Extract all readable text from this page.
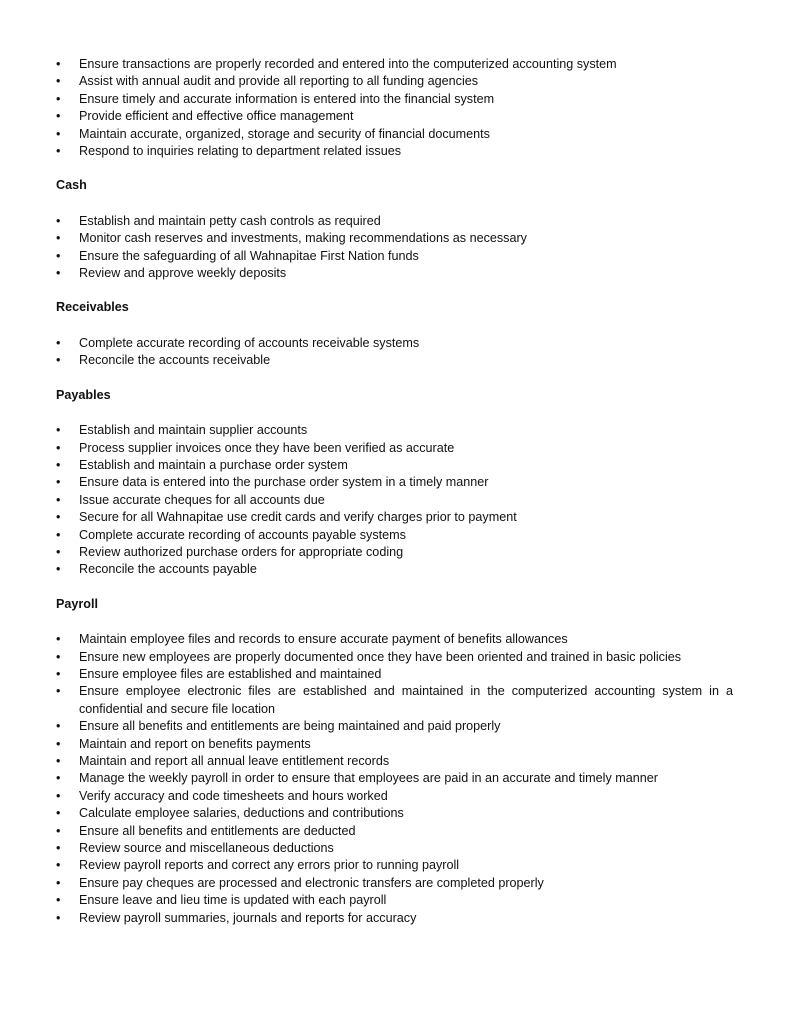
•	Ensure transactions are properly recorded and entered into the computerized accounting system
•	Assist with annual audit and provide all reporting to all funding agencies
•	Ensure timely and accurate information is entered into the financial system
•	Provide efficient and effective office management
•	Maintain accurate, organized, storage and security of financial documents
•	Respond to inquiries relating to department related issues
Cash
•	Establish and maintain petty cash controls as required
•	Monitor cash reserves and investments, making recommendations as necessary
•	Ensure the safeguarding of all Wahnapitae First Nation funds
•	Review and approve weekly deposits
Receivables
•	Complete accurate recording of accounts receivable systems
•	Reconcile the accounts receivable
Payables
•	Establish and maintain supplier accounts
•	Process supplier invoices once they have been verified as accurate
•	Establish and maintain a purchase order system
•	Ensure data is entered into the purchase order system in a timely manner
•	Issue accurate cheques for all accounts due
•	Secure for all Wahnapitae use credit cards and verify charges prior to payment
•	Complete accurate recording of accounts payable systems
•	Review authorized purchase orders for appropriate coding
•	Reconcile the accounts payable
Payroll
•	Maintain employee files and records to ensure accurate payment of benefits allowances
•	Ensure new employees are properly documented once they have been oriented and trained in basic policies
•	Ensure employee files are established and maintained
•	Ensure employee electronic files are established and maintained in the computerized accounting system in a confidential and secure file location
•	Ensure all benefits and entitlements are being maintained and paid properly
•	Maintain and report on benefits payments
•	Maintain and report all annual leave entitlement records
•	Manage the weekly payroll in order to ensure that employees are paid in an accurate and timely manner
•	Verify accuracy and code timesheets and hours worked
•	Calculate employee salaries, deductions and contributions
•	Ensure all benefits and entitlements are deducted
•	Review source and miscellaneous deductions
•	Review payroll reports and correct any errors prior to running payroll
•	Ensure pay cheques are processed and electronic transfers are completed properly
•	Ensure leave and lieu time is updated with each payroll
•	Review payroll summaries, journals and reports for accuracy
